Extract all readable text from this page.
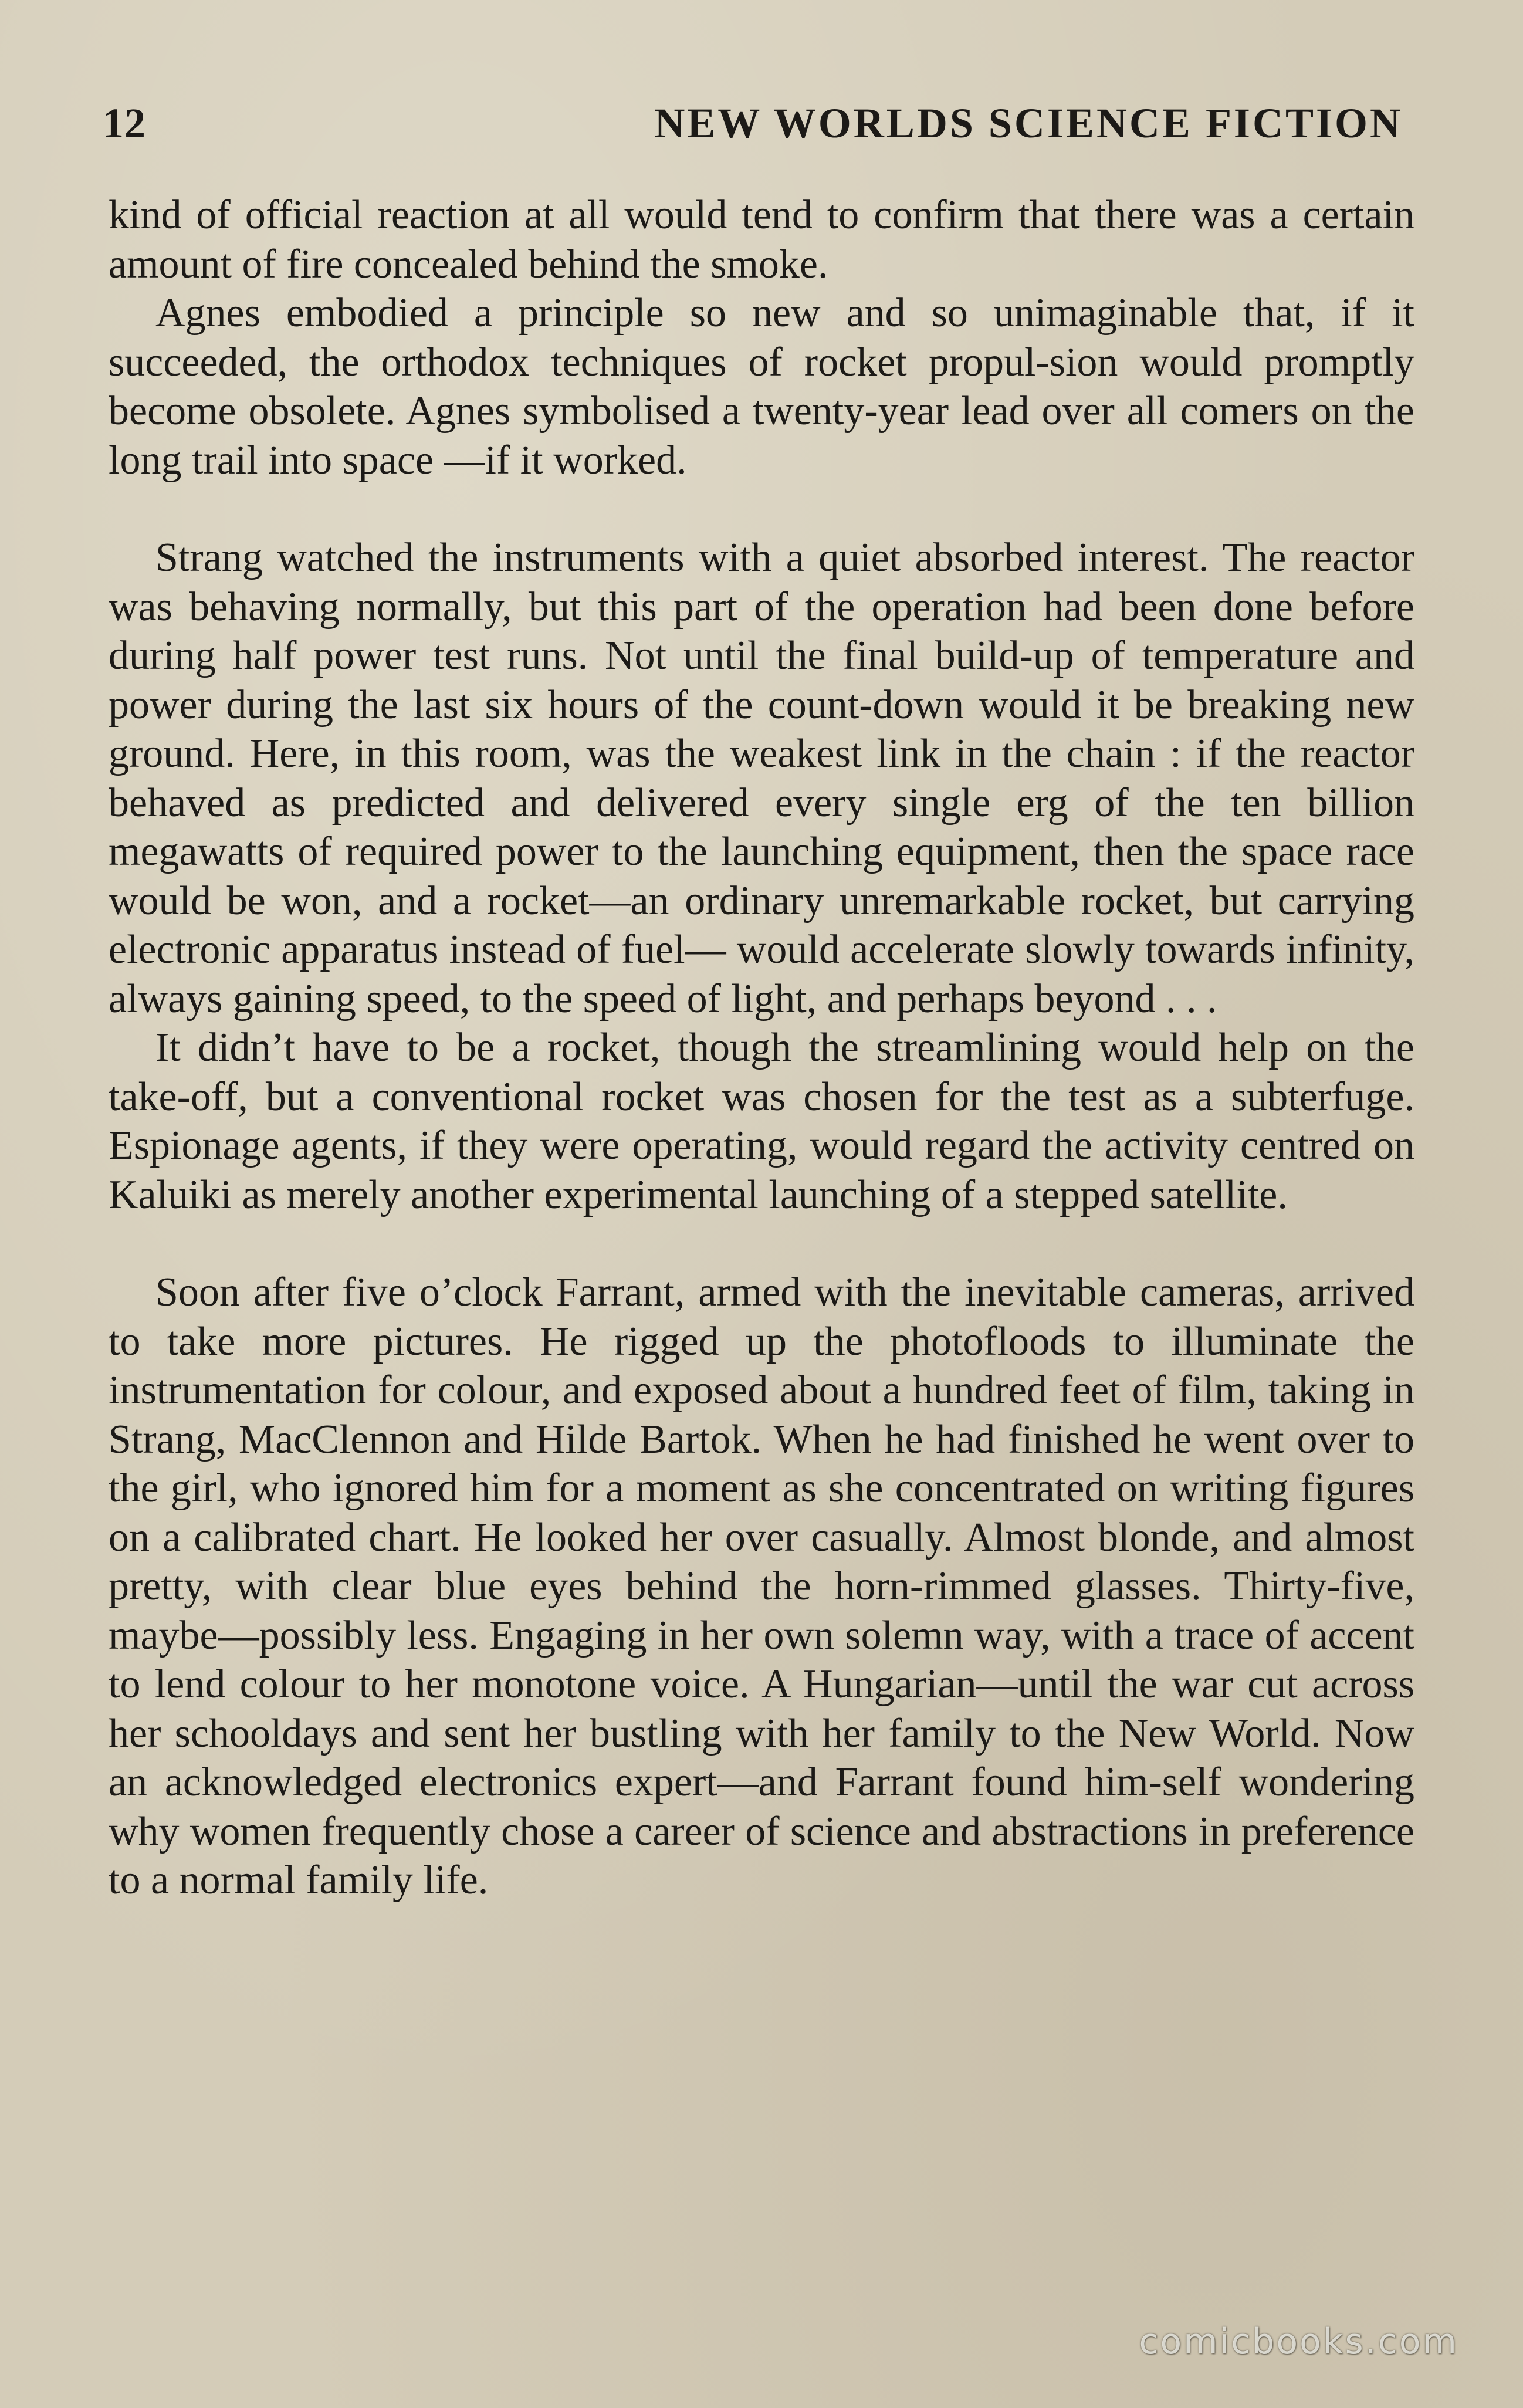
12	NEW WORLDS SCIENCE FICTION

kind of official reaction at all would tend to confirm that there was a certain amount of fire concealed behind the smoke.

Agnes embodied a principle so new and so unimaginable that, if it succeeded, the orthodox techniques of rocket propul-sion would promptly become obsolete. Agnes symbolised a twenty-year lead over all comers on the long trail into space —if it worked.

Strang watched the instruments with a quiet absorbed interest. The reactor was behaving normally, but this part of the operation had been done before during half power test runs. Not until the final build-up of temperature and power during the last six hours of the count-down would it be breaking new ground. Here, in this room, was the weakest link in the chain : if the reactor behaved as predicted and delivered every single erg of the ten billion megawatts of required power to the launching equipment, then the space race would be won, and a rocket—an ordinary unremarkable rocket, but carrying electronic apparatus instead of fuel— would accelerate slowly towards infinity, always gaining speed, to the speed of light, and perhaps beyond . . .

It didn’t have to be a rocket, though the streamlining would help on the take-off, but a conventional rocket was chosen for the test as a subterfuge. Espionage agents, if they were operating, would regard the activity centred on Kaluiki as merely another experimental launching of a stepped satellite.

Soon after five o’clock Farrant, armed with the inevitable cameras, arrived to take more pictures. He rigged up the photofloods to illuminate the instrumentation for colour, and exposed about a hundred feet of film, taking in Strang, MacClennon and Hilde Bartok. When he had finished he went over to the girl, who ignored him for a moment as she concentrated on writing figures on a calibrated chart. He looked her over casually. Almost blonde, and almost pretty, with clear blue eyes behind the horn-rimmed glasses. Thirty-five, maybe—possibly less. Engaging in her own solemn way, with a trace of accent to lend colour to her monotone voice. A Hungarian—until the war cut across her schooldays and sent her bustling with her family to the New World. Now an acknowledged electronics expert—and Farrant found him-self wondering why women frequently chose a career of science and abstractions in preference to a normal family life.

comicbooks.com
